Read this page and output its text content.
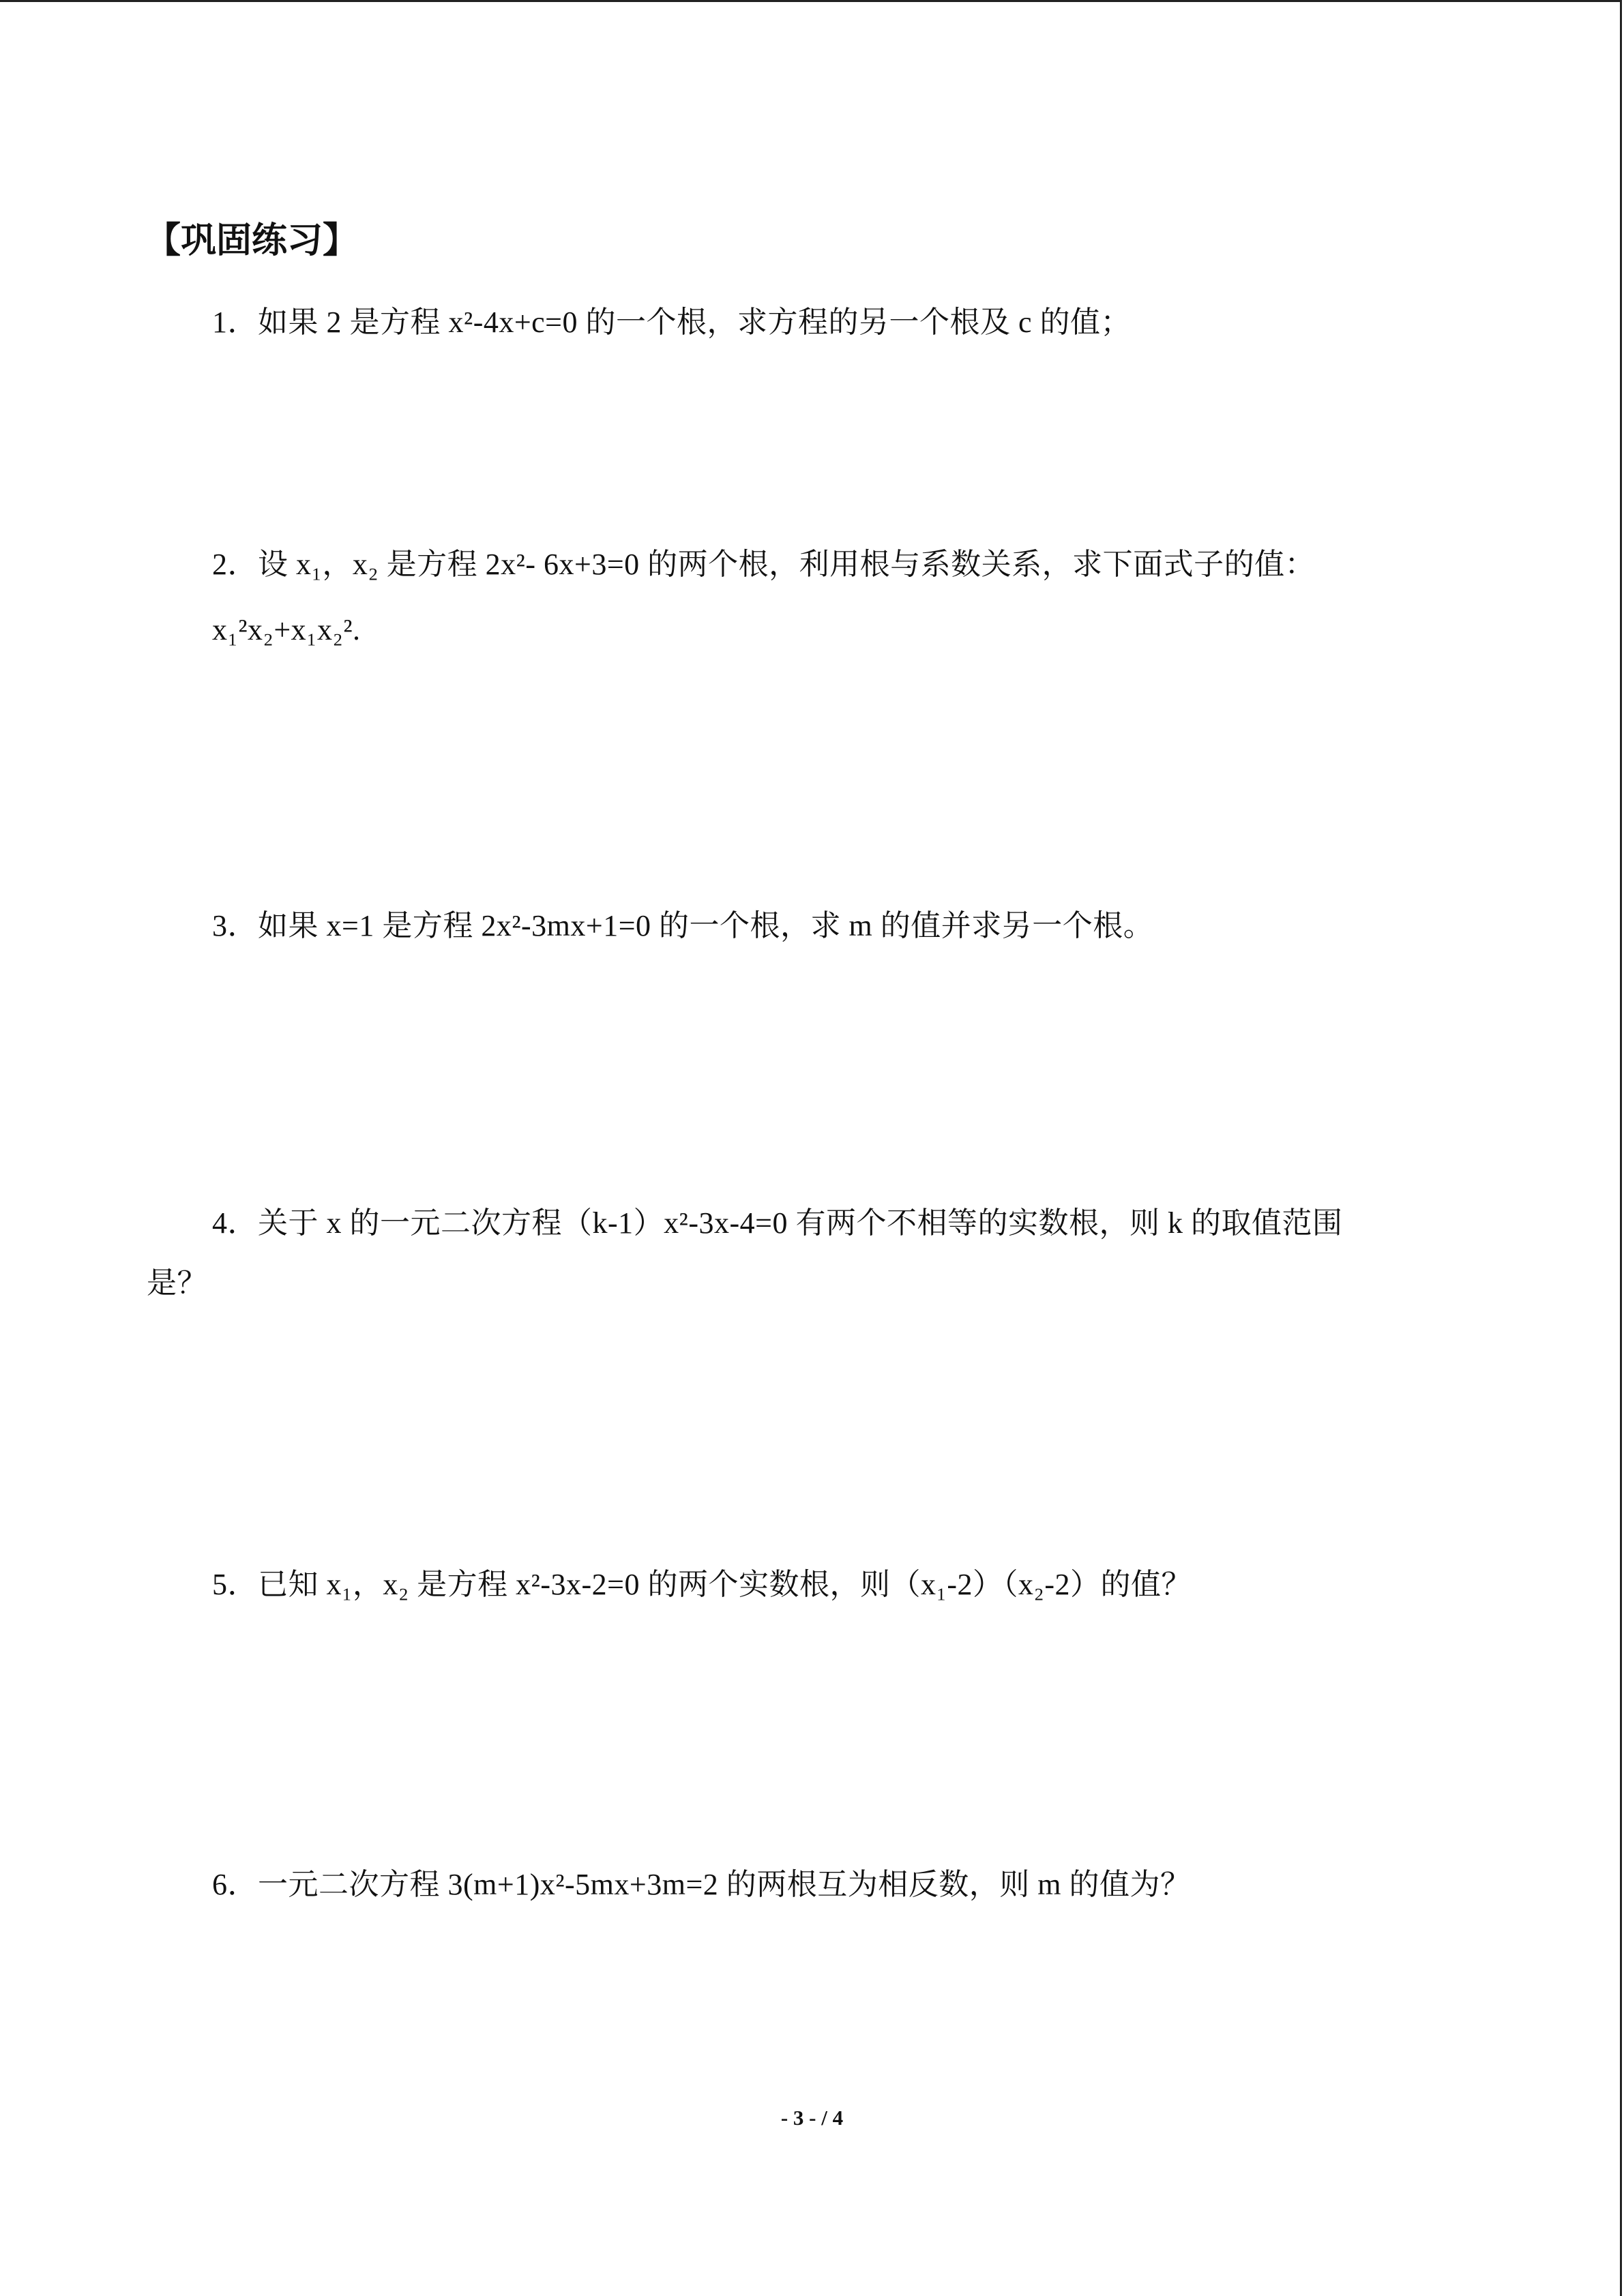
【巩固练习】
1．如果 2 是方程 x²-4x+c=0 的一个根，求方程的另一个根及 c 的值；
2．设 x₁，x₂ 是方程 2x²- 6x+3=0 的两个根，利用根与系数关系，求下面式子的值：
x₁²x₂+x₁x₂².
3．如果 x=1 是方程 2x²-3mx+1=0 的一个根，求 m 的值并求另一个根。
4．关于 x 的一元二次方程（k-1）x²-3x-4=0 有两个不相等的实数根，则 k 的取值范围
是？
5．已知 x₁，x₂ 是方程 x²-3x-2=0 的两个实数根，则（x₁-2）（x₂-2）的值？
6．一元二次方程 3(m+1)x²-5mx+3m=2 的两根互为相反数，则 m 的值为？
- 3 - / 4
